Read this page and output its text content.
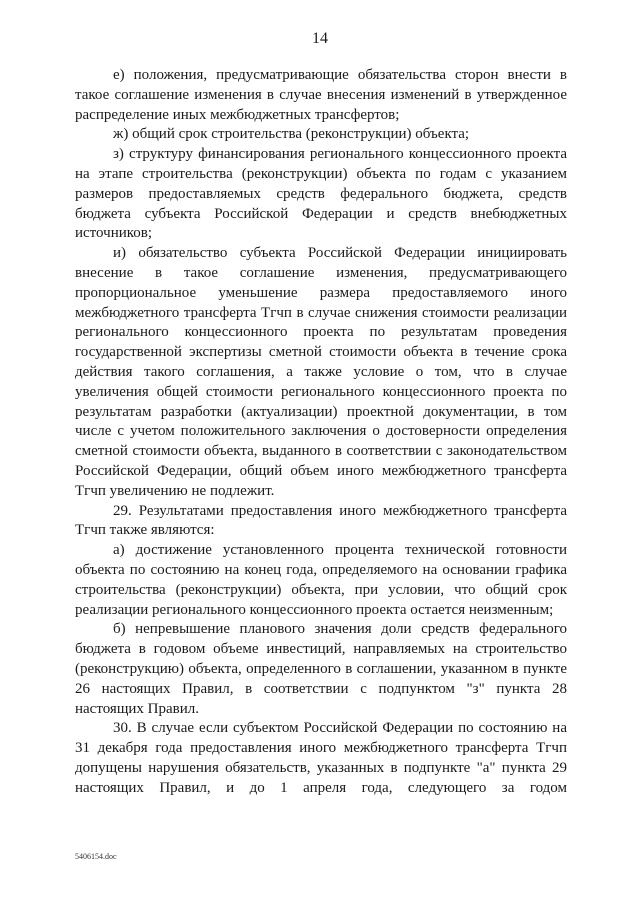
14

е) положения, предусматривающие обязательства сторон внести в такое соглашение изменения в случае внесения изменений в утвержденное распределение иных межбюджетных трансфертов;

ж) общий срок строительства (реконструкции) объекта;

з) структуру финансирования регионального концессионного проекта на этапе строительства (реконструкции) объекта по годам с указанием размеров предоставляемых средств федерального бюджета, средств бюджета субъекта Российской Федерации и средств внебюджетных источников;

и) обязательство субъекта Российской Федерации инициировать внесение в такое соглашение изменения, предусматривающего пропорциональное уменьшение размера предоставляемого иного межбюджетного трансферта Тгчп в случае снижения стоимости реализации регионального концессионного проекта по результатам проведения государственной экспертизы сметной стоимости объекта в течение срока действия такого соглашения, а также условие о том, что в случае увеличения общей стоимости регионального концессионного проекта по результатам разработки (актуализации) проектной документации, в том числе с учетом положительного заключения о достоверности определения сметной стоимости объекта, выданного в соответствии с законодательством Российской Федерации, общий объем иного межбюджетного трансферта Тгчп увеличению не подлежит.

29. Результатами предоставления иного межбюджетного трансферта Тгчп также являются:

а) достижение установленного процента технической готовности объекта по состоянию на конец года, определяемого на основании графика строительства (реконструкции) объекта, при условии, что общий срок реализации регионального концессионного проекта остается неизменным;

б) непревышение планового значения доли средств федерального бюджета в годовом объеме инвестиций, направляемых на строительство (реконструкцию) объекта, определенного в соглашении, указанном в пункте 26 настоящих Правил, в соответствии с подпунктом "з" пункта 28 настоящих Правил.

30. В случае если субъектом Российской Федерации по состоянию на 31 декабря года предоставления иного межбюджетного трансферта Тгчп допущены нарушения обязательств, указанных в подпункте "а" пункта 29 настоящих Правил, и до 1 апреля года, следующего за годом

5406154.doc
